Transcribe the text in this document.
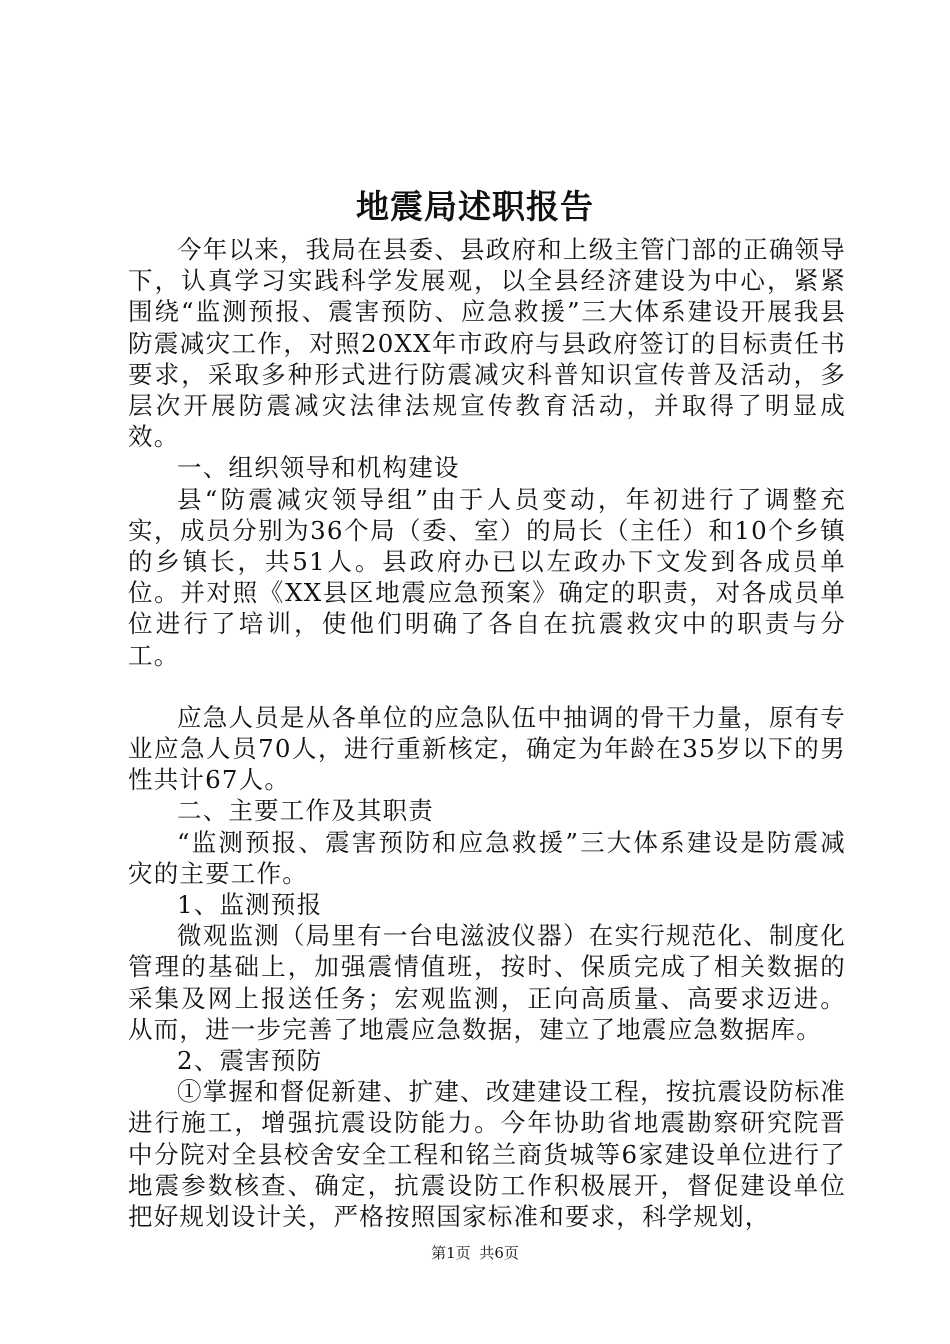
地震局述职报告

今年以来，我局在县委、县政府和上级主管门部的正确领导下，认真学习实践科学发展观，以全县经济建设为中心，紧紧围绕“监测预报、震害预防、应急救援”三大体系建设开展我县防震减灾工作，对照20XX年市政府与县政府签订的目标责任书要求，采取多种形式进行防震减灾科普知识宣传普及活动，多层次开展防震减灾法律法规宣传教育活动，并取得了明显成效。

一、组织领导和机构建设

县“防震减灾领导组”由于人员变动，年初进行了调整充实，成员分别为36个局（委、室）的局长（主任）和10个乡镇的乡镇长，共51人。县政府办已以左政办下文发到各成员单位。并对照《XX县区地震应急预案》确定的职责，对各成员单位进行了培训，使他们明确了各自在抗震救灾中的职责与分工。

应急人员是从各单位的应急队伍中抽调的骨干力量，原有专业应急人员70人，进行重新核定，确定为年龄在35岁以下的男性共计67人。

二、主要工作及其职责

“监测预报、震害预防和应急救援”三大体系建设是防震减灾的主要工作。

1、监测预报

微观监测（局里有一台电滋波仪器）在实行规范化、制度化管理的基础上，加强震情值班，按时、保质完成了相关数据的采集及网上报送任务；宏观监测，正向高质量、高要求迈进。从而，进一步完善了地震应急数据，建立了地震应急数据库。

2、震害预防

①掌握和督促新建、扩建、改建建设工程，按抗震设防标准进行施工，增强抗震设防能力。今年协助省地震勘察研究院晋中分院对全县校舍安全工程和铭兰商货城等6家建设单位进行了地震参数核查、确定，抗震设防工作积极展开，督促建设单位把好规划设计关，严格按照国家标准和要求，科学规划，

第1页 共6页
